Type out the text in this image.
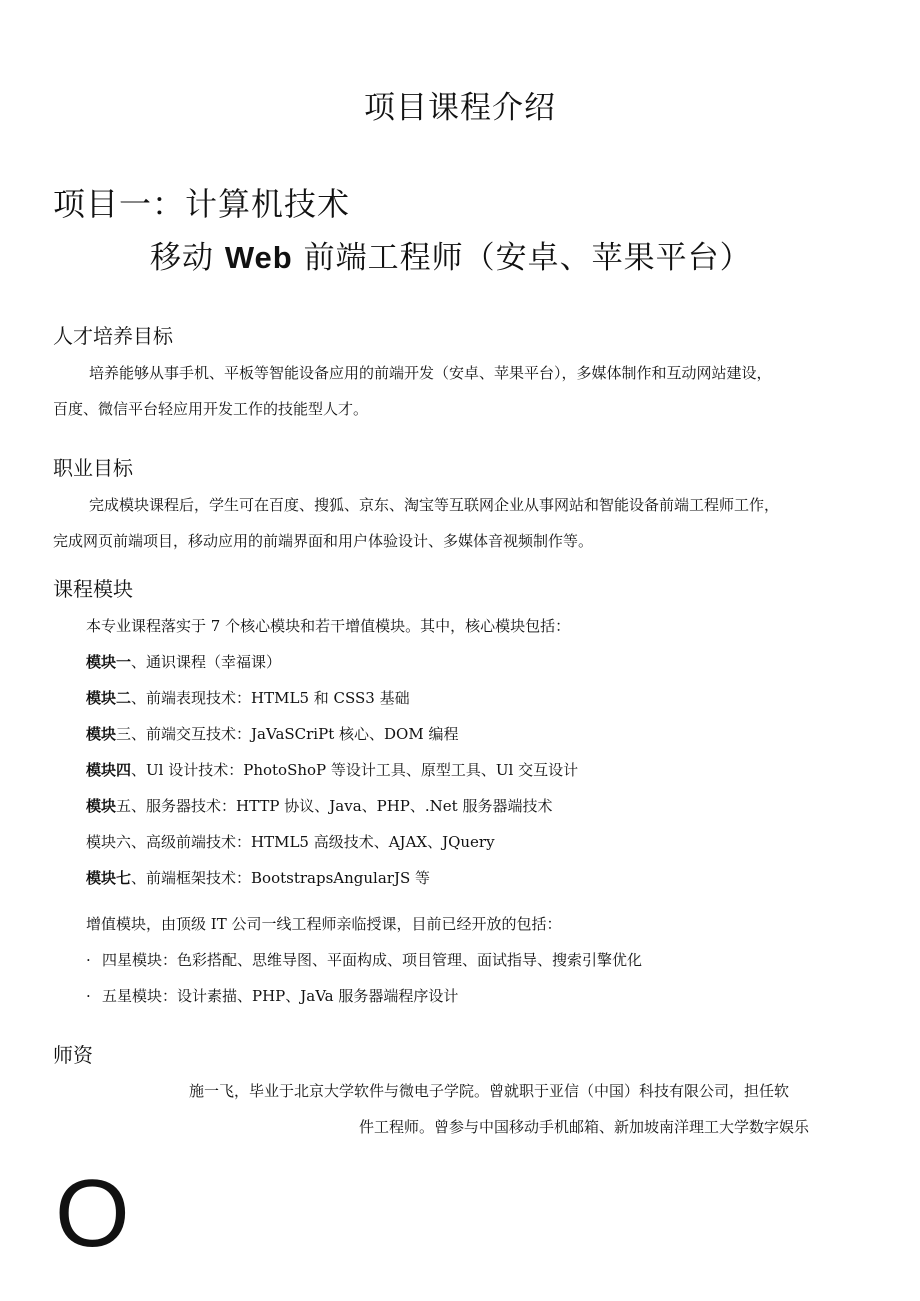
项目课程介绍
项目一：计算机技术
移动 Web 前端工程师（安卓、苹果平台）
人才培养目标
培养能够从事手机、平板等智能设备应用的前端开发（安卓、苹果平台），多媒体制作和互动网站建设，
百度、微信平台轻应用开发工作的技能型人才。
职业目标
完成模块课程后，学生可在百度、搜狐、京东、淘宝等互联网企业从事网站和智能设备前端工程师工作，
完成网页前端项目，移动应用的前端界面和用户体验设计、多媒体音视频制作等。
课程模块
本专业课程落实于 7 个核心模块和若干增值模块。其中，核心模块包括：
模块一、通识课程（幸福课）
模块二、前端表现技术：HTML5 和 CSS3 基础
模块三、前端交互技术：JaVaSCriPt 核心、DOM 编程
模块四、Ul 设计技术：PhotoShoP 等设计工具、原型工具、Ul 交互设计
模块五、服务器技术：HTTP 协议、Java、PHP、.Net 服务器端技术
模块六、高级前端技术：HTML5 高级技术、AJAX、JQuery
模块七、前端框架技术：BootstrapsAngularJS 等
增值模块，由顶级 IT 公司一线工程师亲临授课，目前已经开放的包括：
· 四星模块：色彩搭配、思维导图、平面构成、项目管理、面试指导、搜索引擎优化
· 五星模块：设计素描、PHP、JaVa 服务器端程序设计
师资
施一飞，毕业于北京大学软件与微电子学院。曾就职于亚信（中国）科技有限公司，担任软
件工程师。曾参与中国移动手机邮箱、新加坡南洋理工大学数字娱乐
O
